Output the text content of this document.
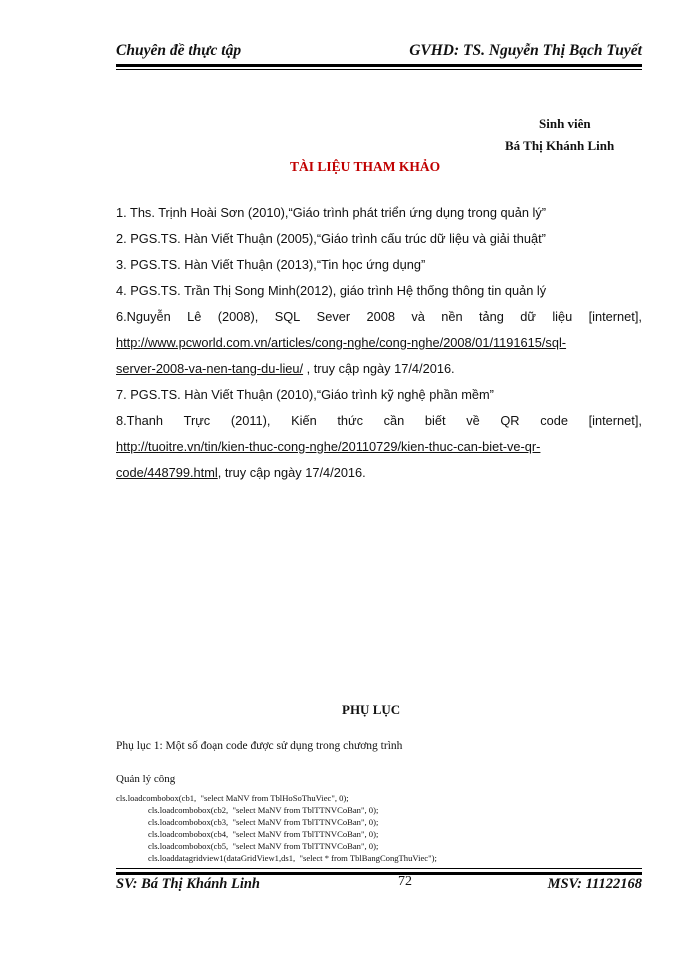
Chuyên đề thực tập	GVHD: TS. Nguyễn Thị Bạch Tuyết
Sinh viên
Bá Thị Khánh Linh
TÀI LIỆU THAM KHẢO
1. Ths. Trịnh Hoài Sơn (2010),“Giáo trình phát triển ứng dụng trong quản lý”
2. PGS.TS. Hàn Viết Thuận (2005),“Giáo trình cấu trúc dữ liệu và giải thuật”
3. PGS.TS. Hàn Viết Thuận (2013),“Tin học ứng dụng”
4. PGS.TS. Trần Thị Song Minh(2012), giáo trình Hệ thống thông tin quản lý
6.Nguyễn Lê (2008), SQL Sever 2008 và nền tảng dữ liệu [internet],
http://www.pcworld.com.vn/articles/cong-nghe/cong-nghe/2008/01/1191615/sql-
server-2008-va-nen-tang-du-lieu/ , truy cập ngày 17/4/2016.
7. PGS.TS. Hàn Viết Thuận (2010),“Giáo trình kỹ nghệ phần mềm”
8.Thanh Trực (2011), Kiến thức cần biết về QR code [internet],
http://tuoitre.vn/tin/kien-thuc-cong-nghe/20110729/kien-thuc-can-biet-ve-qr-
code/448799.html, truy cập ngày 17/4/2016.
PHỤ LỤC
Phụ lục 1: Một số đoạn code được sử dụng trong chương trình
Quản lý công
cls.loadcombobox(cb1,  "select MaNV from TblHoSoThuViec", 0);
cls.loadcombobox(cb2,  "select MaNV from TblTTNVCoBan", 0);
cls.loadcombobox(cb3,  "select MaNV from TblTTNVCoBan", 0);
cls.loadcombobox(cb4,  "select MaNV from TblTTNVCoBan", 0);
cls.loadcombobox(cb5,  "select MaNV from TblTTNVCoBan", 0);
cls.loaddatagridview1(dataGridView1,ds1,  "select * from TblBangCongThuViec");
SV: Bá Thị Khánh Linh	72	MSV: 11122168
